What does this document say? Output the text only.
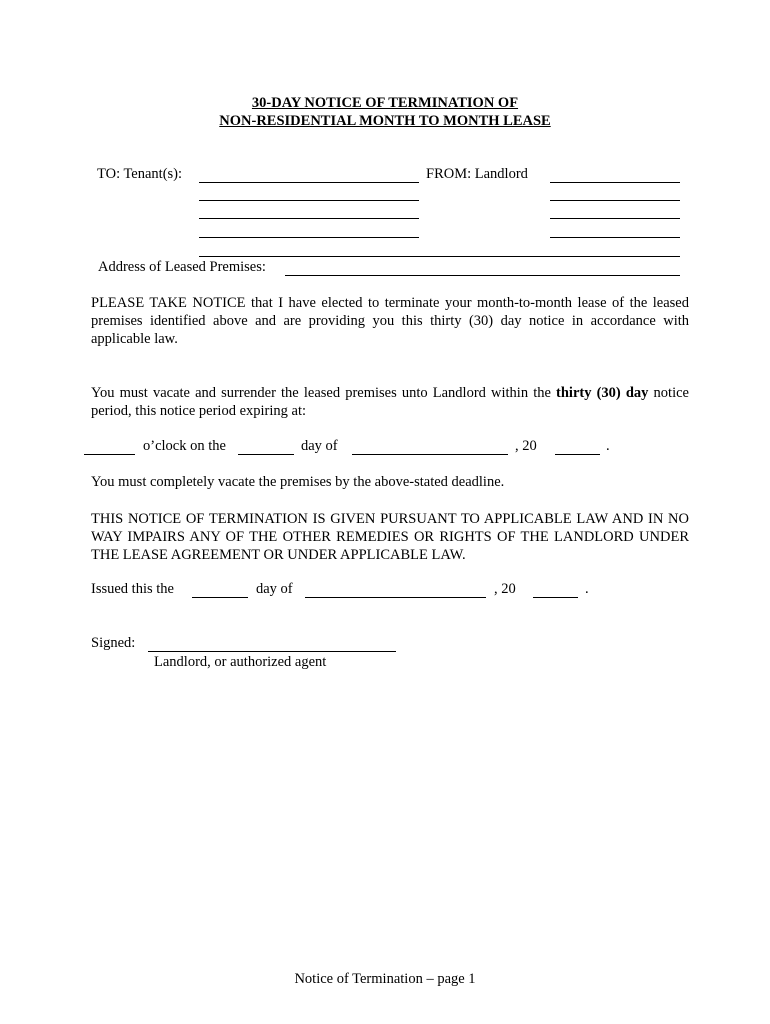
30-DAY NOTICE OF TERMINATION OF
NON-RESIDENTIAL MONTH TO MONTH LEASE
TO: Tenant(s):	FROM: Landlord
Address of Leased Premises:
PLEASE TAKE NOTICE that I have elected to terminate your month-to-month lease of the leased premises identified above and are providing you this thirty (30) day notice in accordance with applicable law.
You must vacate and surrender the leased premises unto Landlord within the thirty (30) day notice period, this notice period expiring at:
o’clock on the	day of	, 20	.
You must completely vacate the premises by the above-stated deadline.
THIS NOTICE OF TERMINATION IS GIVEN PURSUANT TO APPLICABLE LAW AND IN NO WAY IMPAIRS ANY OF THE OTHER REMEDIES OR RIGHTS OF THE LANDLORD UNDER THE LEASE AGREEMENT OR UNDER APPLICABLE LAW.
Issued this the	day of	, 20	.
Signed:
Landlord, or authorized agent
Notice of Termination – page 1
